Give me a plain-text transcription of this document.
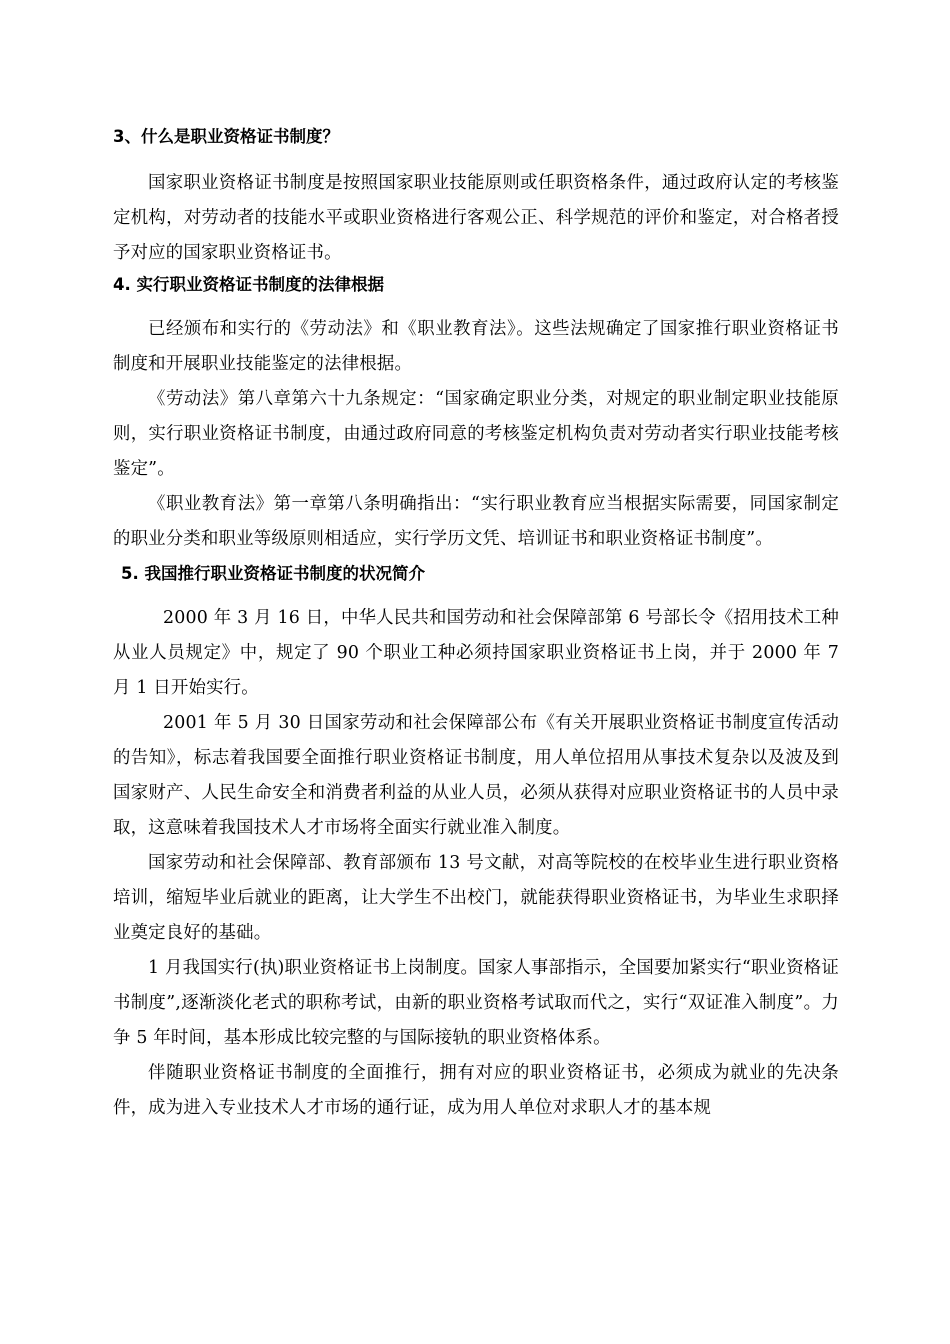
3、什么是职业资格证书制度？

国家职业资格证书制度是按照国家职业技能原则或任职资格条件，通过政府认定的考核鉴定机构，对劳动者的技能水平或职业资格进行客观公正、科学规范的评价和鉴定，对合格者授予对应的国家职业资格证书。

4. 实行职业资格证书制度的法律根据

已经颁布和实行的《劳动法》和《职业教育法》。这些法规确定了国家推行职业资格证书制度和开展职业技能鉴定的法律根据。

《劳动法》第八章第六十九条规定：“国家确定职业分类，对规定的职业制定职业技能原则，实行职业资格证书制度，由通过政府同意的考核鉴定机构负责对劳动者实行职业技能考核鉴定”。

《职业教育法》第一章第八条明确指出：“实行职业教育应当根据实际需要，同国家制定的职业分类和职业等级原则相适应，实行学历文凭、培训证书和职业资格证书制度”。

5. 我国推行职业资格证书制度的状况简介

2000 年 3 月 16 日，中华人民共和国劳动和社会保障部第 6 号部长令《招用技术工种从业人员规定》中，规定了 90 个职业工种必须持国家职业资格证书上岗，并于 2000 年 7 月 1 日开始实行。

2001 年 5 月 30 日国家劳动和社会保障部公布《有关开展职业资格证书制度宣传活动的告知》，标志着我国要全面推行职业资格证书制度，用人单位招用从事技术复杂以及波及到国家财产、人民生命安全和消费者利益的从业人员，必须从获得对应职业资格证书的人员中录取，这意味着我国技术人才市场将全面实行就业准入制度。

国家劳动和社会保障部、教育部颁布 13 号文献，对高等院校的在校毕业生进行职业资格培训，缩短毕业后就业的距离，让大学生不出校门，就能获得职业资格证书，为毕业生求职择业奠定良好的基础。

1 月我国实行(执)职业资格证书上岗制度。国家人事部指示，全国要加紧实行“职业资格证书制度”,逐渐淡化老式的职称考试，由新的职业资格考试取而代之，实行“双证准入制度”。力争 5 年时间，基本形成比较完整的与国际接轨的职业资格体系。

伴随职业资格证书制度的全面推行，拥有对应的职业资格证书，必须成为就业的先决条件，成为进入专业技术人才市场的通行证，成为用人单位对求职人才的基本规
